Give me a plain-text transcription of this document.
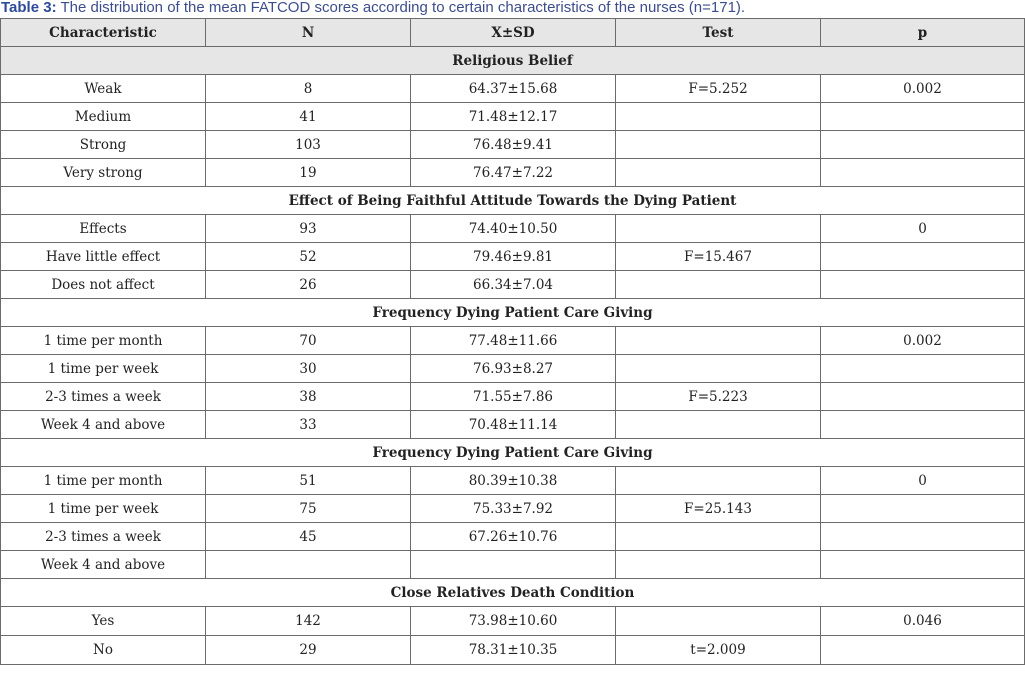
Table 3: The distribution of the mean FATCOD scores according to certain characteristics of the nurses (n=171).
Characteristic	N	X±SD	Test	p
Religious Belief				
Weak	8	64.37±15.68	F=5.252	0.002
Medium	41	71.48±12.17		
Strong	103	76.48±9.41		
Very strong	19	76.47±7.22		
Effect of Being Faithful Attitude Towards the Dying Patient				
Effects	93	74.40±10.50		0
Have little effect	52	79.46±9.81	F=15.467	
Does not affect	26	66.34±7.04		
Frequency Dying Patient Care Giving				
1 time per month	70	77.48±11.66		0.002
1 time per week	30	76.93±8.27		
2-3 times a week	38	71.55±7.86	F=5.223	
Week 4 and above	33	70.48±11.14		
Frequency Dying Patient Care Giving				
1 time per month	51	80.39±10.38		0
1 time per week	75	75.33±7.92	F=25.143	
2-3 times a week	45	67.26±10.76		
Week 4 and above				
Close Relatives Death Condition				
Yes	142	73.98±10.60		0.046
No	29	78.31±10.35	t=2.009	
